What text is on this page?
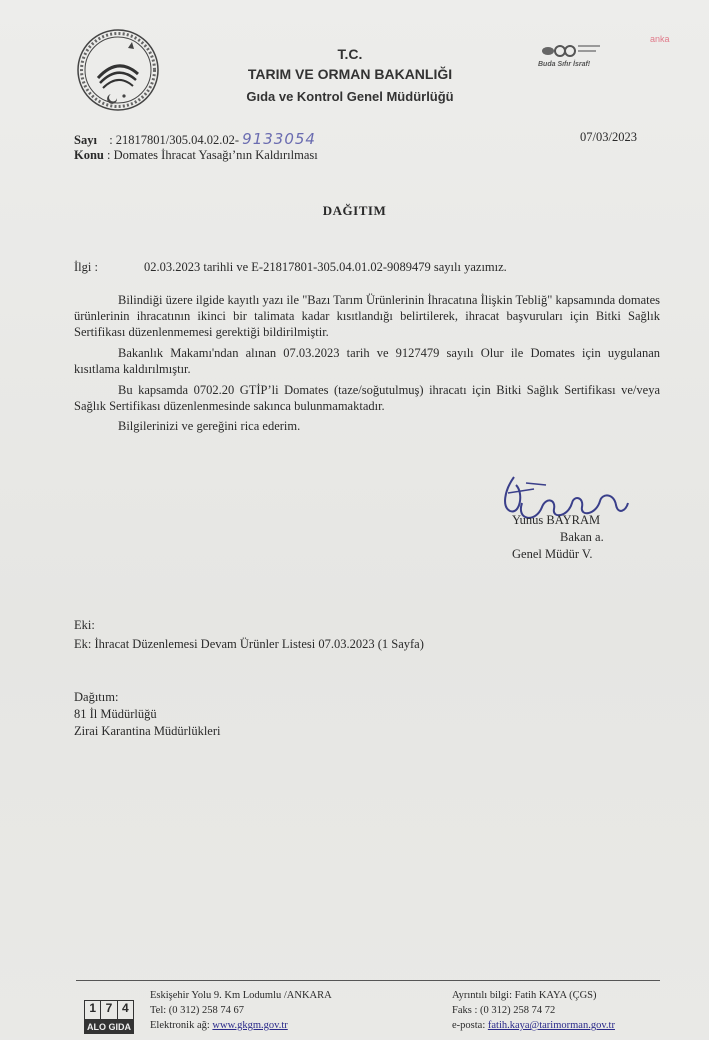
anka
T.C.
TARIM VE ORMAN BAKANLIĞI
Gıda ve Kontrol Genel Müdürlüğü
Buda Sıfır İsraf!
Sayı : 21817801/305.04.02.02- 9133054	07/03/2023
Konu : Domates İhracat Yasağı’nın Kaldırılması
DAĞITIM
İlgi :	02.03.2023 tarihli ve E-21817801-305.04.01.02-9089479 sayılı yazımız.
Bilindiği üzere ilgide kayıtlı yazı ile "Bazı Tarım Ürünlerinin İhracatına İlişkin Tebliğ" kapsamında domates ürünlerinin ihracatının ikinci bir talimata kadar kısıtlandığı belirtilerek, ihracat başvuruları için Bitki Sağlık Sertifikası düzenlenmemesi gerektiği bildirilmiştir.
Bakanlık Makamı'ndan alınan 07.03.2023 tarih ve 9127479 sayılı Olur ile Domates için uygulanan kısıtlama kaldırılmıştır.
Bu kapsamda 0702.20 GTİP’li Domates (taze/soğutulmuş) ihracatı için Bitki Sağlık Sertifikası ve/veya Sağlık Sertifikası düzenlenmesinde sakınca bulunmamaktadır.
Bilgilerinizi ve gereğini rica ederim.
Yunus BAYRAM
Bakan a.
Genel Müdür V.
Eki:
Ek: İhracat Düzenlemesi Devam Ürünler Listesi 07.03.2023 (1 Sayfa)
Dağıtım:
81 İl Müdürlüğü
Zirai Karantina Müdürlükleri
1 7 4
ALO GIDA
Eskişehir Yolu 9. Km Lodumlu /ANKARA
Tel: (0 312) 258 74 67
Elektronik ağ: www.gkgm.gov.tr
Ayrıntılı bilgi: Fatih KAYA (ÇGS)
Faks : (0 312) 258 74 72
e-posta: fatih.kaya@tarimorman.gov.tr
